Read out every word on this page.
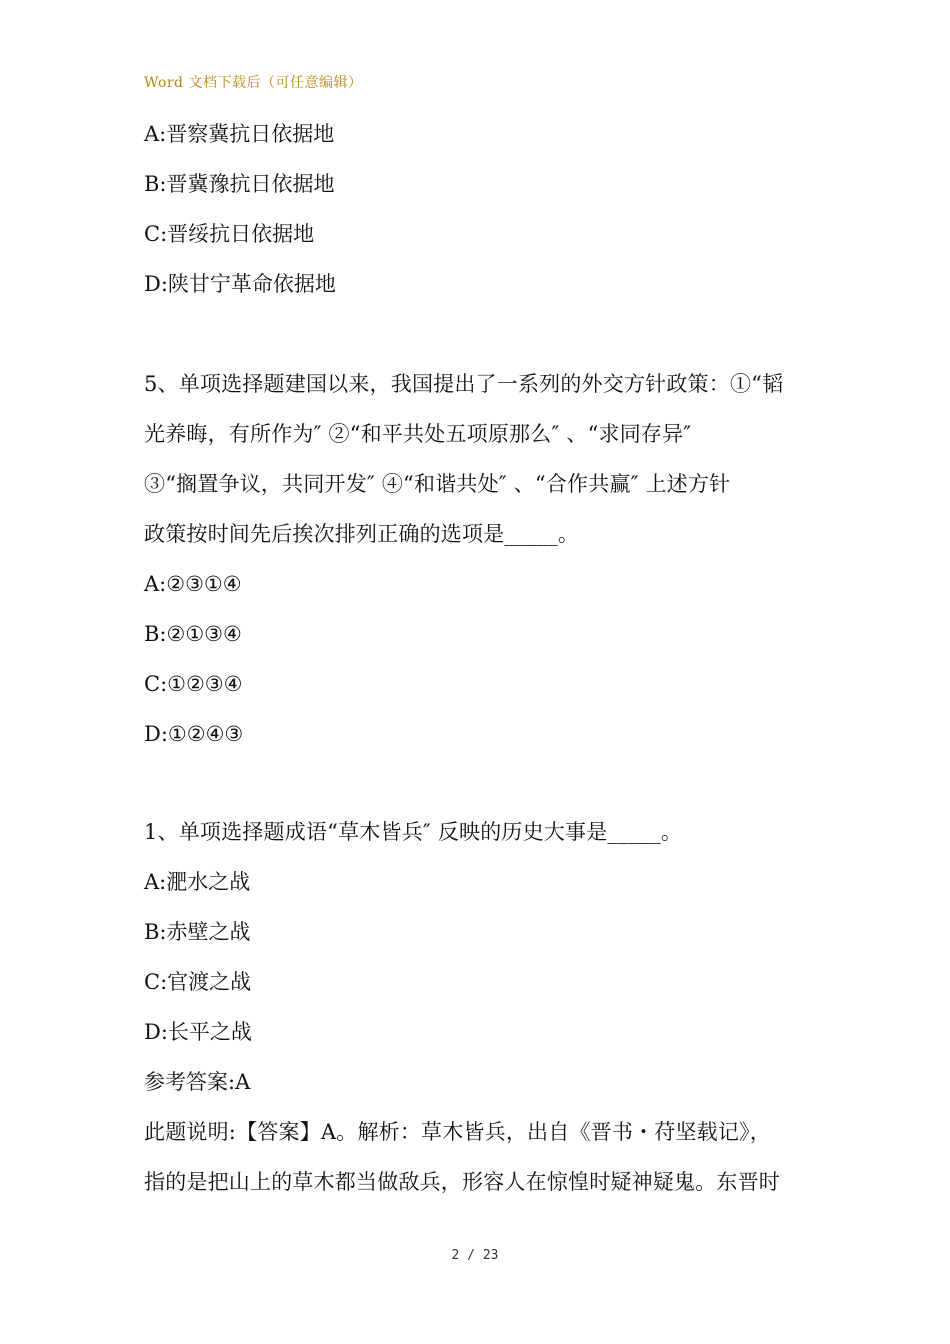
Word 文档下载后（可任意编辑）
A:晋察冀抗日依据地
B:晋冀豫抗日依据地
C:晋绥抗日依据地
D:陕甘宁革命依据地
5、单项选择题建国以来，我国提出了一系列的外交方针政策：①“韬
光养晦，有所作为″ ②“和平共处五项原那么″ 、“求同存异″
③“搁置争议，共同开发″ ④“和谐共处″ 、“合作共赢″ 上述方针
政策按时间先后挨次排列正确的选项是_____。
A:②③①④
B:②①③④
C:①②③④
D:①②④③
1、单项选择题成语“草木皆兵″ 反映的历史大事是_____。
A:淝水之战
B:赤壁之战
C:官渡之战
D:长平之战
参考答案:A
此题说明:【答案】A。解析：草木皆兵，出自《晋书・苻坚载记》，
指的是把山上的草木都当做敌兵，形容人在惊惶时疑神疑鬼。东晋时
2 / 23
